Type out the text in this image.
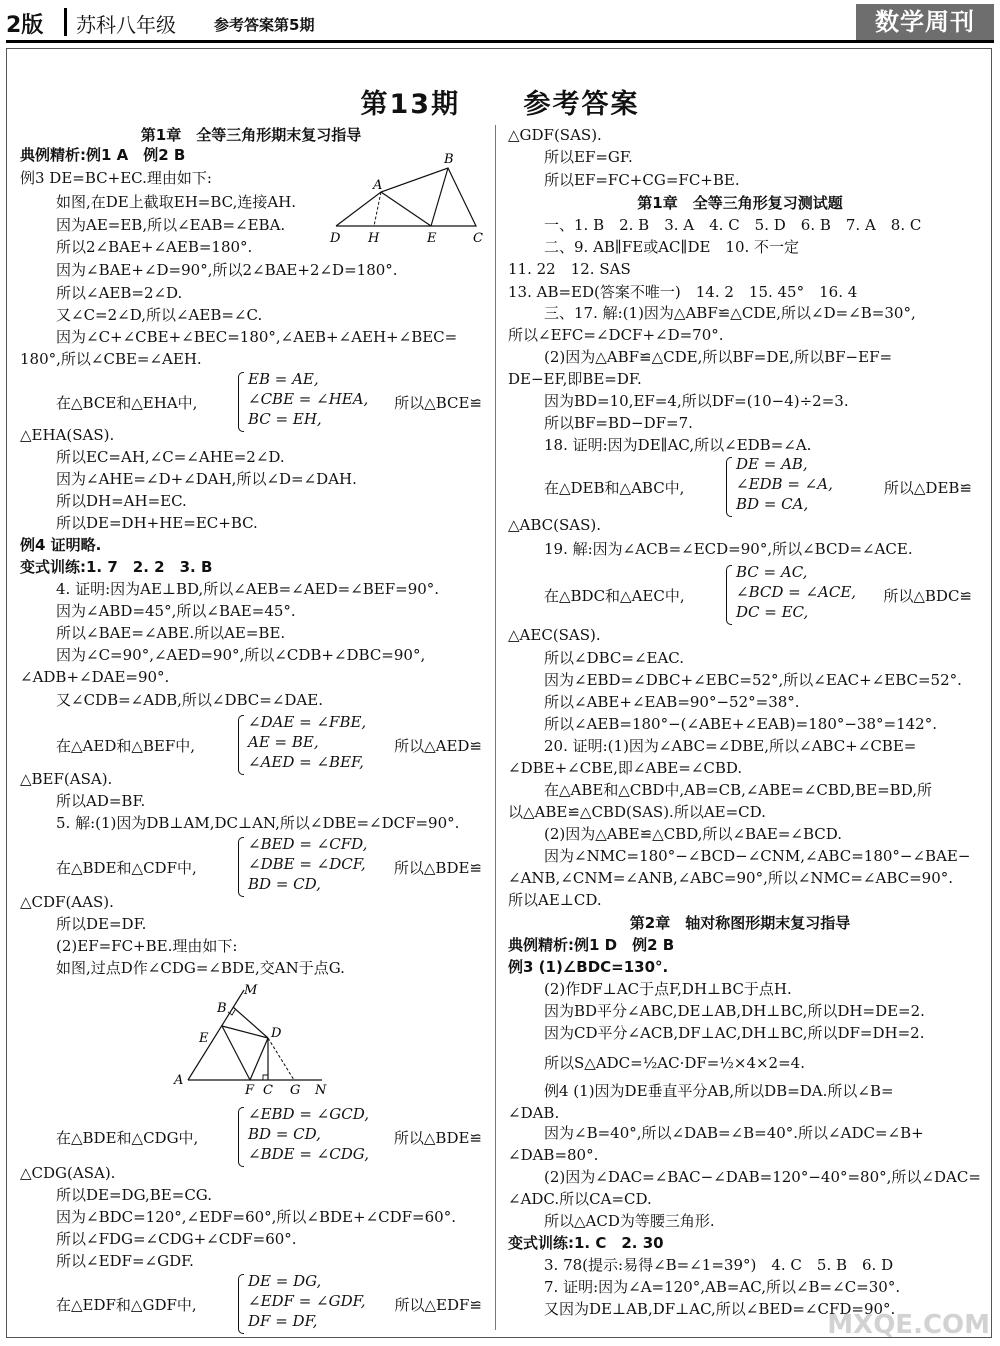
2版 苏科八年级	参考答案第5期	数学周刊
第13期 参考答案
第1章　全等三角形期末复习指导
典例精析:例1 A　例2 B
例3 DE=BC+EC.理由如下:
如图,在DE上截取EH=BC,连接AH.
因为AE=EB,所以∠EAB=∠EBA.
所以2∠BAE+∠AEB=180°.
因为∠BAE+∠D=90°,所以2∠BAE+2∠D=180°.
所以∠AEB=2∠D.
又∠C=2∠D,所以∠AEB=∠C.
因为∠C+∠CBE+∠BEC=180°,∠AEB+∠AEH+∠BEC=
180°,所以∠CBE=∠AEH.
△EHA(SAS).
所以EC=AH,∠C=∠AHE=2∠D.
因为∠AHE=∠D+∠DAH,所以∠D=∠DAH.
所以DH=AH=EC.
所以DE=DH+HE=EC+BC.
例4 证明略.
变式训练:1. 7　2. 2　3. B
4. 证明:因为AE⊥BD,所以∠AEB=∠AED=∠BEF=90°.
因为∠ABD=45°,所以∠BAE=45°.
所以∠BAE=∠ABE.所以AE=BE.
因为∠C=90°,∠AED=90°,所以∠CDB+∠DBC=90°,
∠ADB+∠DAE=90°.
又∠CDB=∠ADB,所以∠DBC=∠DAE.
△BEF(ASA).
所以AD=BF.
5. 解:(1)因为DB⊥AM,DC⊥AN,所以∠DBE=∠DCF=90°.
△CDF(AAS).
所以DE=DF.
(2)EF=FC+BE.理由如下:
如图,过点D作∠CDG=∠BDE,交AN于点G.
△CDG(ASA).
所以DE=DG,BE=CG.
因为∠BDC=120°,∠EDF=60°,所以∠BDE+∠CDF=60°.
所以∠FDG=∠CDG+∠CDF=60°.
所以∠EDF=∠GDF.
在△BCE和△EHA中,
EB = AE,
∠CBE = ∠HEA,
BC = EH,
所以△BCE≌
在△AED和△BEF中,
∠DAE = ∠FBE,
AE = BE,
∠AED = ∠BEF,
所以△AED≌
在△BDE和△CDF中,
∠BED = ∠CFD,
∠DBE = ∠DCF,
BD = CD,
所以△BDE≌
在△BDE和△CDG中,
∠EBD = ∠GCD,
BD = CD,
∠BDE = ∠CDG,
所以△BDE≌
在△EDF和△GDF中,
DE = DG,
∠EDF = ∠GDF,
DF = DF,
所以△EDF≌
△GDF(SAS).
所以EF=GF.
所以EF=FC+CG=FC+BE.
第1章　全等三角形复习测试题
一、1. B　2. B　3. A　4. C　5. D　6. B　7. A　8. C
二、9. AB∥FE或AC∥DE　10. 不一定
11. 22　12. SAS
13. AB=ED(答案不唯一)　14. 2　15. 45°　16. 4
三、17. 解:(1)因为△ABF≌△CDE,所以∠D=∠B=30°,
所以∠EFC=∠DCF+∠D=70°.
(2)因为△ABF≌△CDE,所以BF=DE,所以BF−EF=
DE−EF,即BE=DF.
因为BD=10,EF=4,所以DF=(10−4)÷2=3.
所以BF=BD−DF=7.
18. 证明:因为DE∥AC,所以∠EDB=∠A.
△ABC(SAS).
19. 解:因为∠ACB=∠ECD=90°,所以∠BCD=∠ACE.
△AEC(SAS).
所以∠DBC=∠EAC.
因为∠EBD=∠DBC+∠EBC=52°,所以∠EAC+∠EBC=52°.
所以∠ABE+∠EAB=90°−52°=38°.
所以∠AEB=180°−(∠ABE+∠EAB)=180°−38°=142°.
20. 证明:(1)因为∠ABC=∠DBE,所以∠ABC+∠CBE=
∠DBE+∠CBE,即∠ABE=∠CBD.
在△ABE和△CBD中,AB=CB,∠ABE=∠CBD,BE=BD,所
以△ABE≌△CBD(SAS).所以AE=CD.
(2)因为△ABE≌△CBD,所以∠BAE=∠BCD.
因为∠NMC=180°−∠BCD−∠CNM,∠ABC=180°−∠BAE−
∠ANB,∠CNM=∠ANB,∠ABC=90°,所以∠NMC=∠ABC=90°.
所以AE⊥CD.
第2章　轴对称图形期末复习指导
典例精析:例1 D　例2 B
例3 (1)∠BDC=130°.
(2)作DF⊥AC于点F,DH⊥BC于点H.
因为BD平分∠ABC,DE⊥AB,DH⊥BC,所以DH=DE=2.
因为CD平分∠ACB,DF⊥AC,DH⊥BC,所以DF=DH=2.
所以S△ADC=½AC·DF=½×4×2=4.
例4 (1)因为DE垂直平分AB,所以DB=DA.所以∠B=
∠DAB.
因为∠B=40°,所以∠DAB=∠B=40°.所以∠ADC=∠B+
∠DAB=80°.
(2)因为∠DAC=∠BAC−∠DAB=120°−40°=80°,所以∠DAC=
∠ADC.所以CA=CD.
所以△ACD为等腰三角形.
变式训练:1. C　2. 30
3. 78(提示:易得∠B=∠1=39°)　4. C　5. B　6. D
7. 证明:因为∠A=120°,AB=AC,所以∠B=∠C=30°.
又因为DE⊥AB,DF⊥AC,所以∠BED=∠CFD=90°.
在△DEB和△ABC中,
DE = AB,
∠EDB = ∠A,
BD = CA,
所以△DEB≌
在△BDC和△AEC中,
BC = AC,
∠BCD = ∠ACE,
DC = EC,
所以△BDC≌
A
B
D H	E	C
M
B
E	D
A
F C G N
MXQE.COM
